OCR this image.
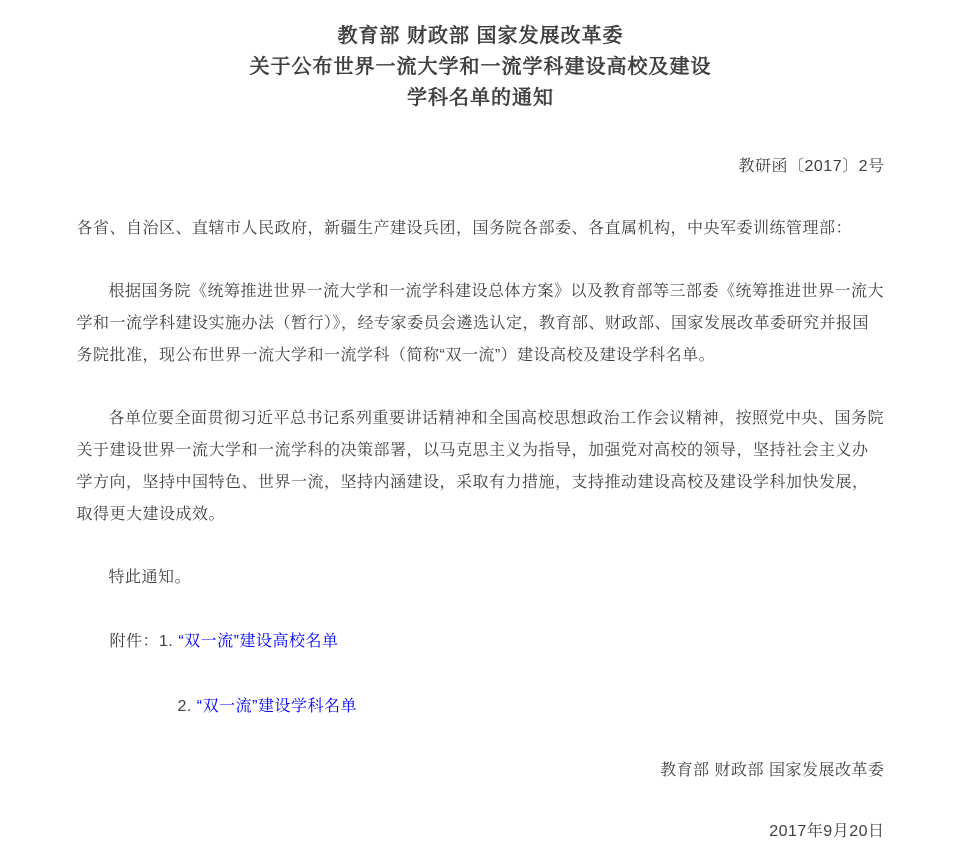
教育部 财政部 国家发展改革委
关于公布世界一流大学和一流学科建设高校及建设
学科名单的通知

教研函〔2017〕2号

各省、自治区、直辖市人民政府，新疆生产建设兵团，国务院各部委、各直属机构，中央军委训练管理部：

根据国务院《统筹推进世界一流大学和一流学科建设总体方案》以及教育部等三部委《统筹推进世界一流大学和一流学科建设实施办法（暂行）》，经专家委员会遴选认定，教育部、财政部、国家发展改革委研究并报国务院批准，现公布世界一流大学和一流学科（简称“双一流”）建设高校及建设学科名单。

各单位要全面贯彻习近平总书记系列重要讲话精神和全国高校思想政治工作会议精神，按照党中央、国务院关于建设世界一流大学和一流学科的决策部署，以马克思主义为指导，加强党对高校的领导，坚持社会主义办学方向，坚持中国特色、世界一流，坚持内涵建设，采取有力措施，支持推动建设高校及建设学科加快发展，取得更大建设成效。

特此通知。

附件：1. “双一流”建设高校名单

2. “双一流”建设学科名单

教育部 财政部 国家发展改革委

2017年9月20日
